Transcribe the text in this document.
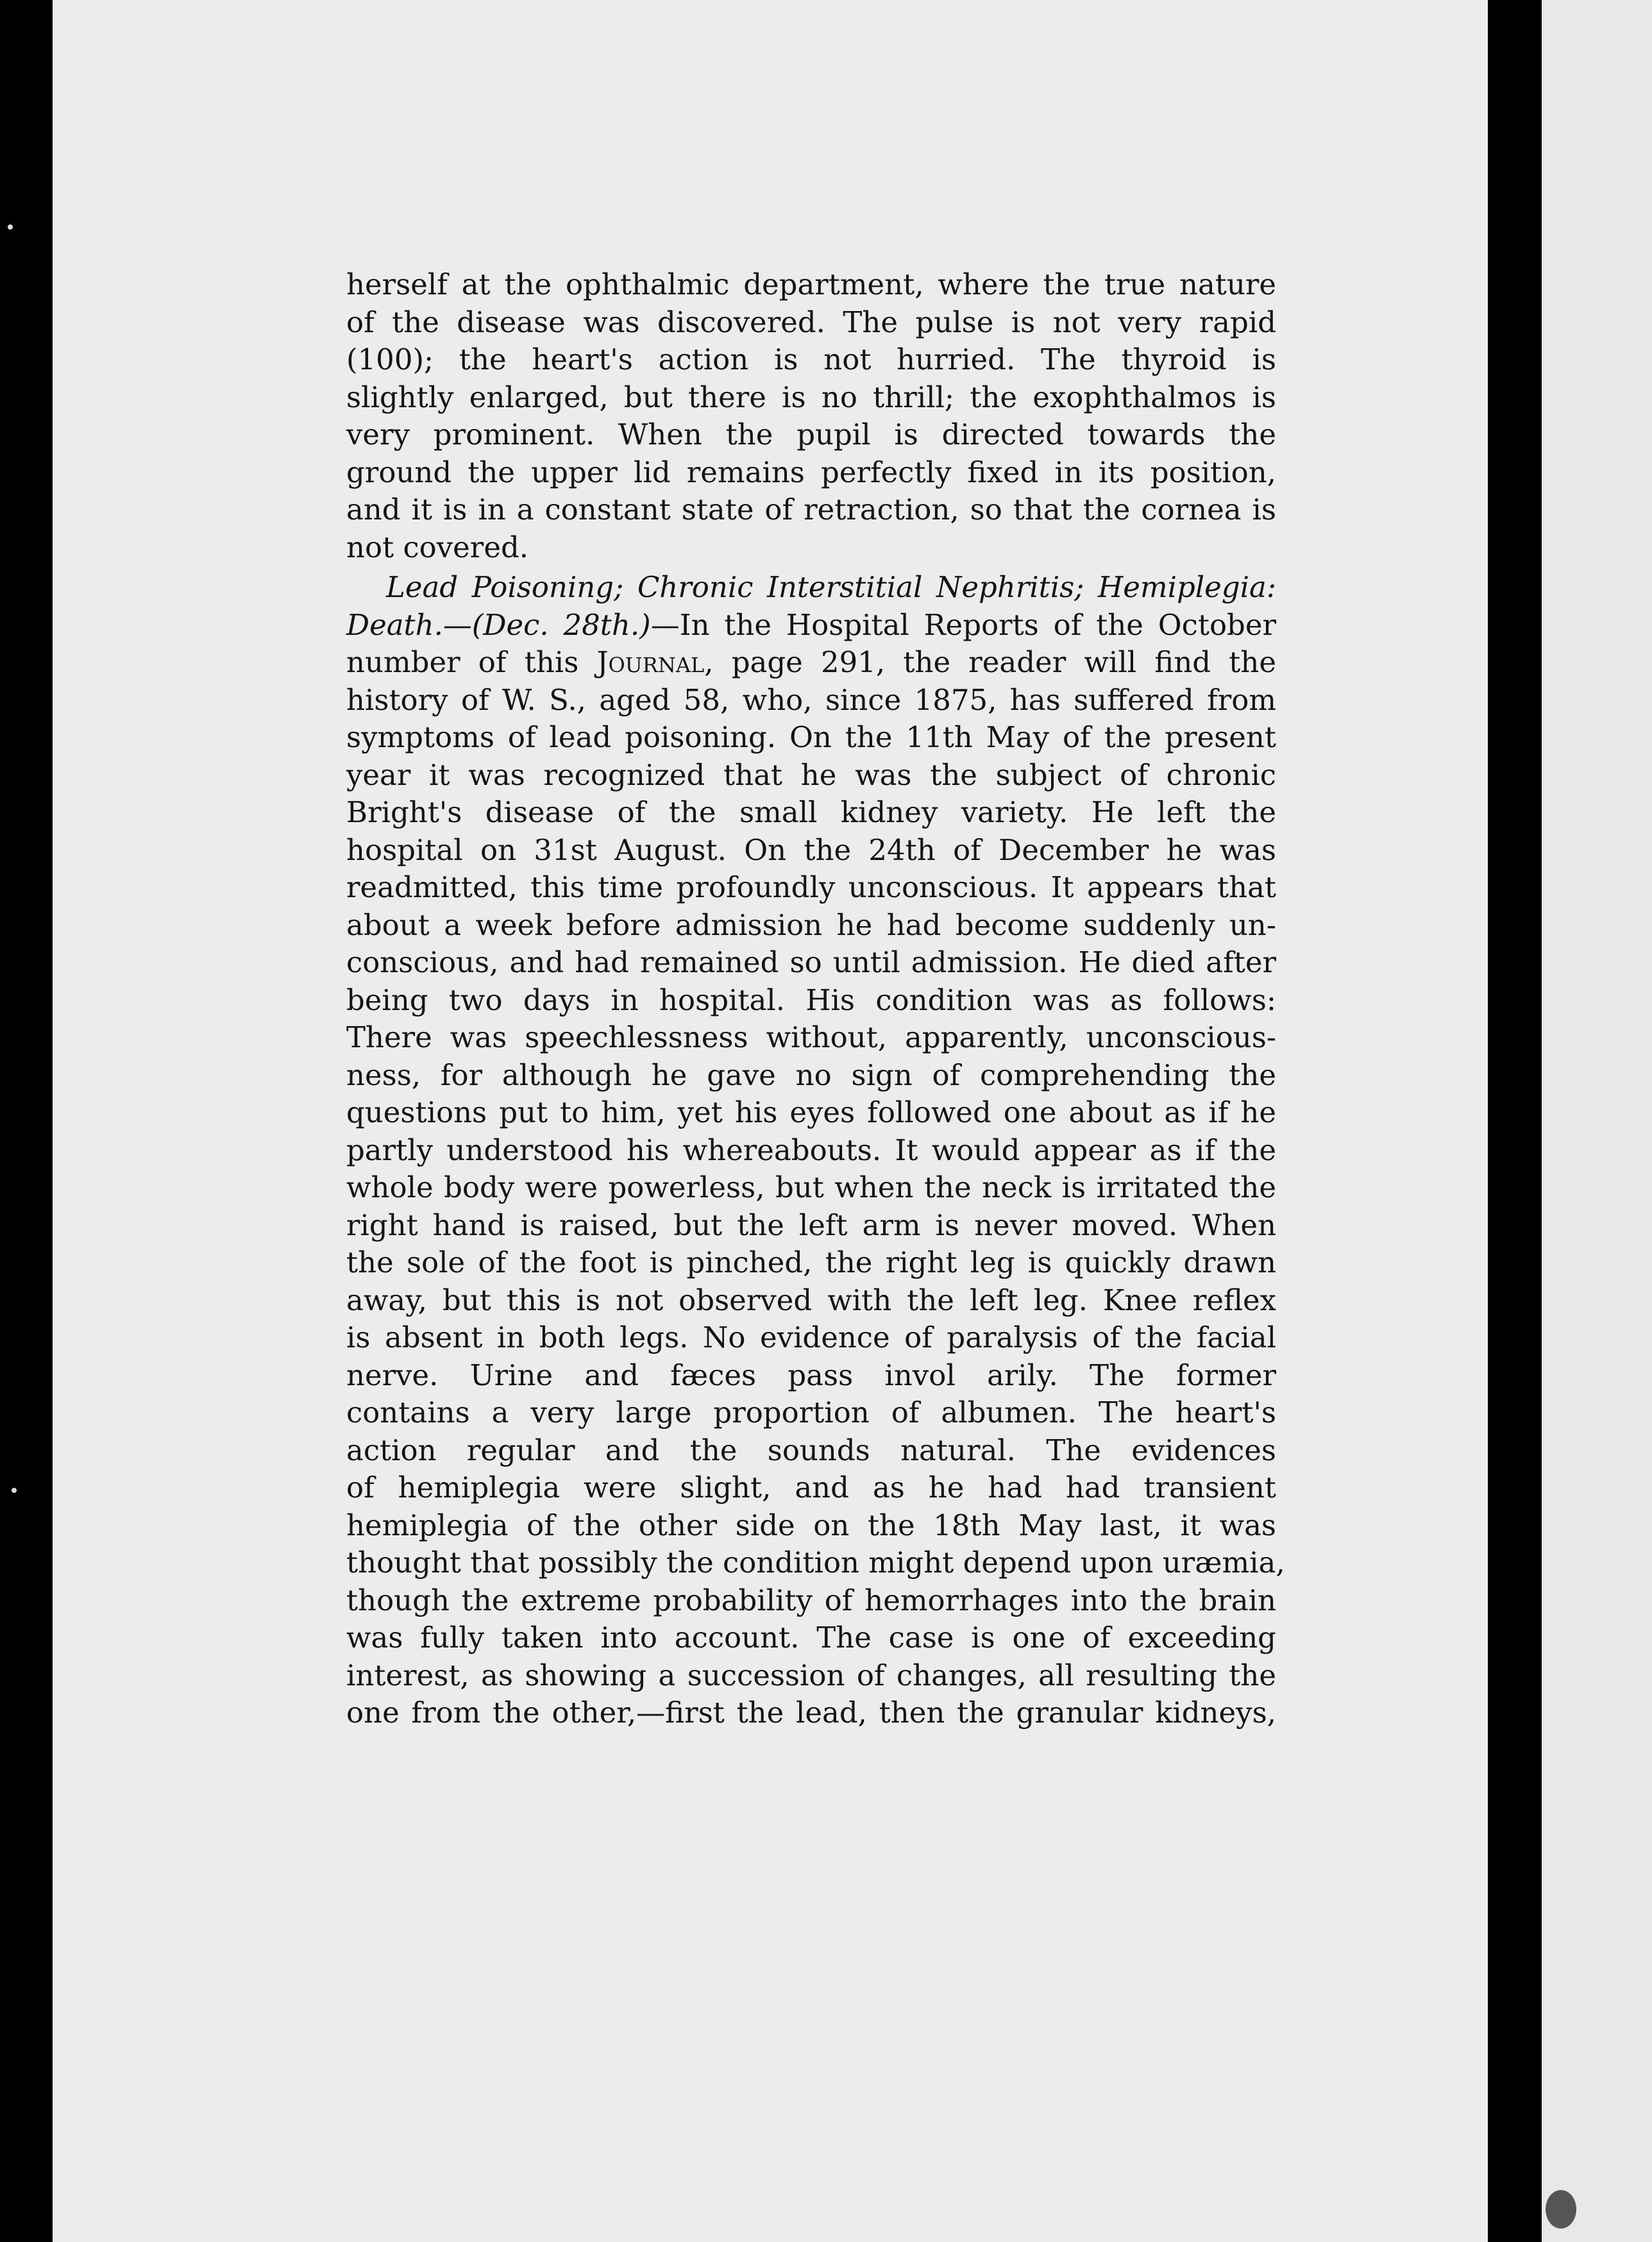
herself at the ophthalmic department, where the true nature
of the disease was discovered. The pulse is not very rapid
(100); the heart's action is not hurried. The thyroid is
slightly enlarged, but there is no thrill; the exophthalmos is
very prominent. When the pupil is directed towards the
ground the upper lid remains perfectly fixed in its position,
and it is in a constant state of retraction, so that the cornea is
not covered.

Lead Poisoning; Chronic Interstitial Nephritis; Hemiplegia:
Death.—(Dec. 28th.)—In the Hospital Reports of the October
number of this Journal, page 291, the reader will find the
history of W. S., aged 58, who, since 1875, has suffered from
symptoms of lead poisoning. On the 11th May of the present
year it was recognized that he was the subject of chronic
Bright's disease of the small kidney variety. He left the
hospital on 31st August. On the 24th of December he was
readmitted, this time profoundly unconscious. It appears that
about a week before admission he had become suddenly un-
conscious, and had remained so until admission. He died after
being two days in hospital. His condition was as follows:
There was speechlessness without, apparently, unconscious-
ness, for although he gave no sign of comprehending the
questions put to him, yet his eyes followed one about as if he
partly understood his whereabouts. It would appear as if the
whole body were powerless, but when the neck is irritated the
right hand is raised, but the left arm is never moved. When
the sole of the foot is pinched, the right leg is quickly drawn
away, but this is not observed with the left leg. Knee reflex
is absent in both legs. No evidence of paralysis of the facial
nerve. Urine and fæces pass invol arily. The former
contains a very large proportion of albumen. The heart's
action regular and the sounds natural. The evidences
of hemiplegia were slight, and as he had had transient
hemiplegia of the other side on the 18th May last, it was
thought that possibly the condition might depend upon uræmia,
though the extreme probability of hemorrhages into the brain
was fully taken into account. The case is one of exceeding
interest, as showing a succession of changes, all resulting the
one from the other,—first the lead, then the granular kidneys,
